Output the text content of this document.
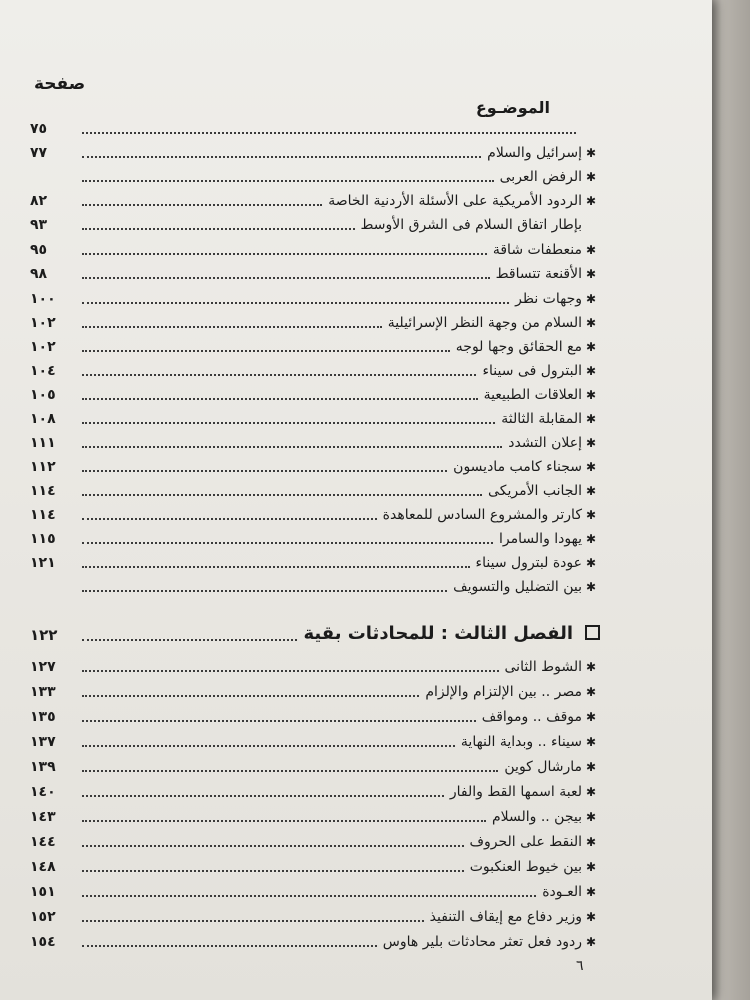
صفحة
الموضـوع
٧٥
✱
إسرائيل والسلام
٧٧
✱
الرفض العربى
✱
الردود الأمريكية على الأسئلة الأردنية الخاصة
٨٢
بإطار اتفاق السلام فى الشرق الأوسط
٩٣
✱
منعطفات شاقة
٩٥
✱
الأقنعة تتساقط
٩٨
✱
وجهات نظر
١٠٠
✱
السلام من وجهة النظر الإسرائيلية
١٠٢
✱
مع الحقائق وجها لوجه
١٠٢
✱
البترول فى سيناء
١٠٤
✱
العلاقات الطبيعية
١٠٥
✱
المقابلة الثالثة
١٠٨
✱
إعلان التشدد
١١١
✱
سجناء كامب ماديسون
١١٢
✱
الجانب الأمريكى
١١٤
✱
كارتر والمشروع السادس للمعاهدة
١١٤
✱
يهودا والسامرا
١١٥
✱
عودة لبترول سيناء
١٢١
✱
بين التضليل والتسويف
الفصل الثالث : للمحادثات بقية
١٢٢
✱
الشوط الثانى
١٢٧
✱
مصر .. بين الإلتزام والإلزام
١٣٣
✱
موقف .. ومواقف
١٣٥
✱
سيناء .. وبداية النهاية
١٣٧
✱
مارشال كوين
١٣٩
✱
لعبة اسمها القط والفار
١٤٠
✱
بيجن .. والسلام
١٤٣
✱
النقط على الحروف
١٤٤
✱
بين خيوط العنكبوت
١٤٨
✱
العـودة
١٥١
✱
وزير دفاع مع إيقاف التنفيذ
١٥٢
✱
ردود فعل تعثر محادثات بلير هاوس
١٥٤
٦
